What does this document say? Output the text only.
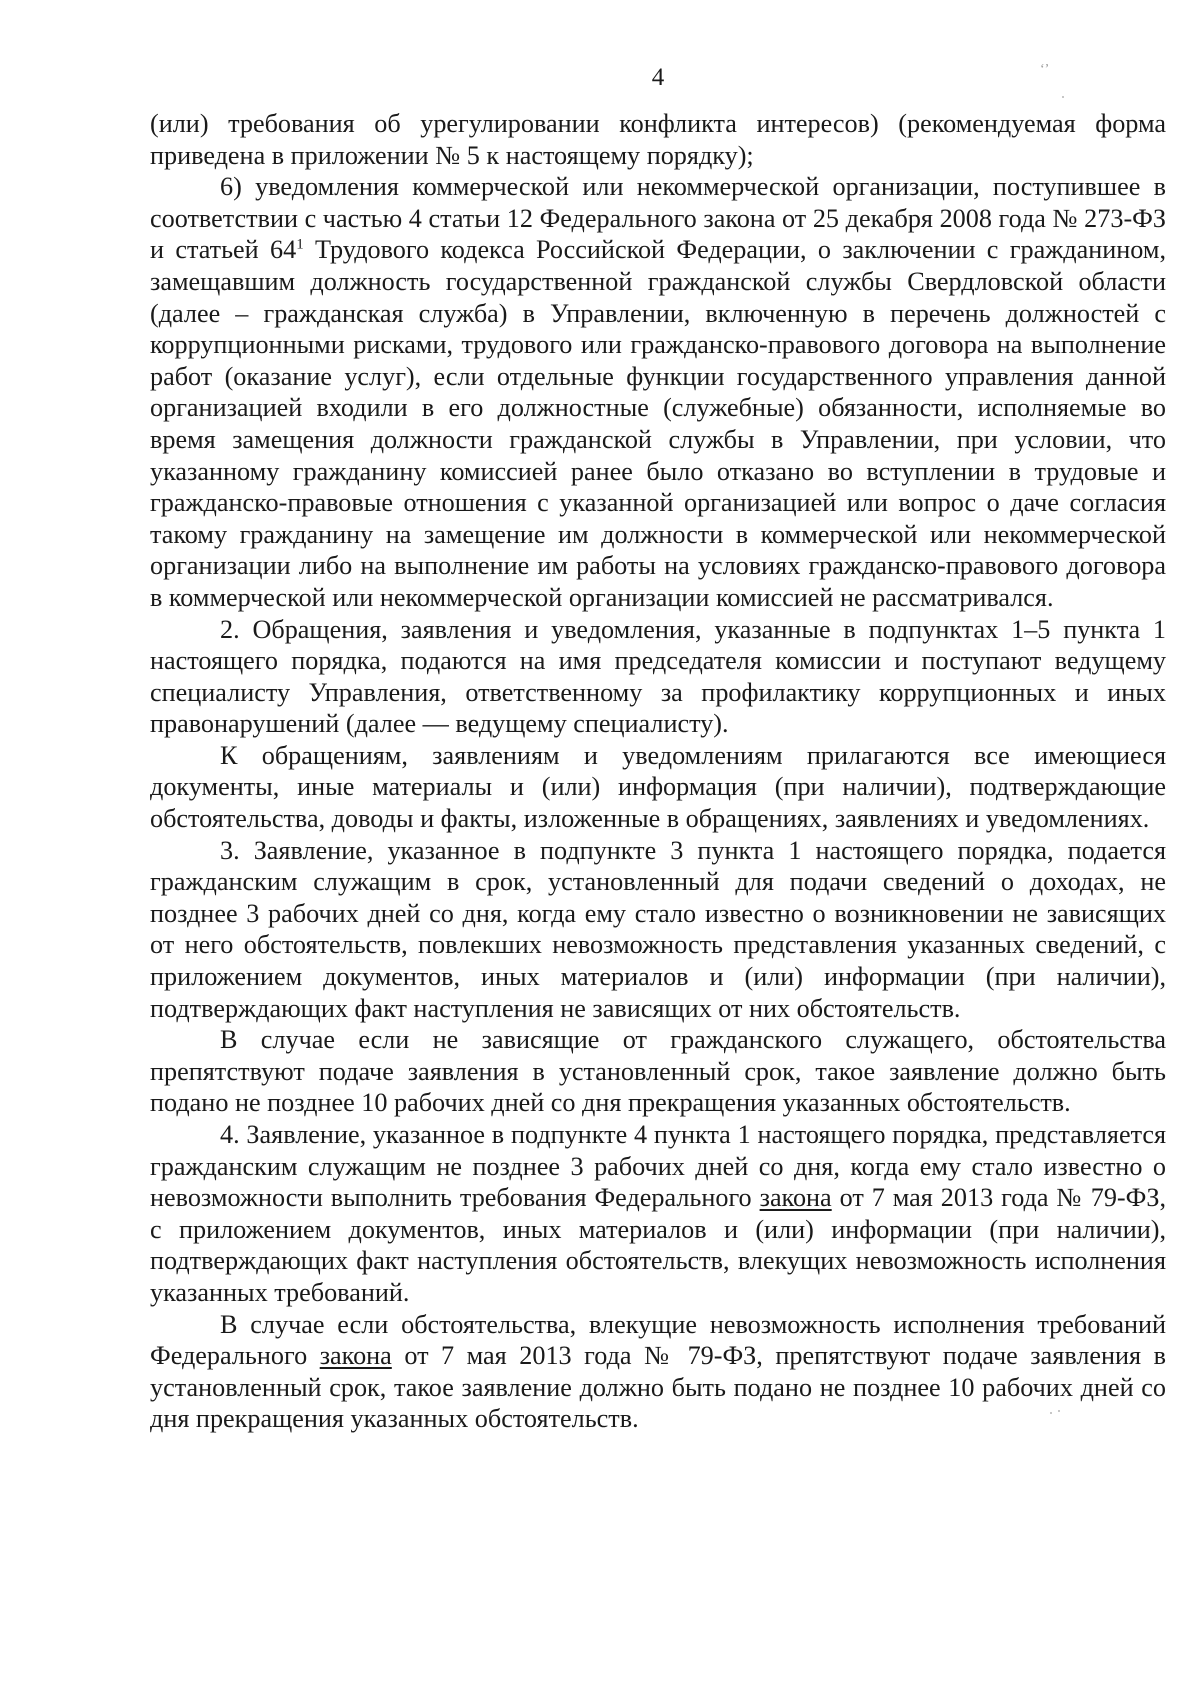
4	‘’

(или) требования об урегулировании конфликта интересов) (рекомендуемая форма приведена в приложении № 5 к настоящему порядку);

6) уведомления коммерческой или некоммерческой организации, поступившее в соответствии с частью 4 статьи 12 Федерального закона от 25 декабря 2008 года № 273-ФЗ и статьей $64^1$ Трудового кодекса Российской Федерации, о заключении с гражданином, замещавшим должность государственной гражданской службы Свердловской области (далее – гражданская служба) в Управлении, включенную в перечень должностей с коррупционными рисками, трудового или гражданско-правового договора на выполнение работ (оказание услуг), если отдельные функции государственного управления данной организацией входили в его должностные (служебные) обязанности, исполняемые во время замещения должности гражданской службы в Управлении, при условии, что указанному гражданину комиссией ранее было отказано во вступлении в трудовые и гражданско-правовые отношения с указанной организацией или вопрос о даче согласия такому гражданину на замещение им должности в коммерческой или некоммерческой организации либо на выполнение им работы на условиях гражданско-правового договора в коммерческой или некоммерческой организации комиссией не рассматривался.

2. Обращения, заявления и уведомления, указанные в подпунктах 1–5 пункта 1 настоящего порядка, подаются на имя председателя комиссии и поступают ведущему специалисту Управления, ответственному за профилактику коррупционных и иных правонарушений (далее — ведущему специалисту).

К обращениям, заявлениям и уведомлениям прилагаются все имеющиеся документы, иные материалы и (или) информация (при наличии), подтверждающие обстоятельства, доводы и факты, изложенные в обращениях, заявлениях и уведомлениях.

3. Заявление, указанное в подпункте 3 пункта 1 настоящего порядка, подается гражданским служащим в срок, установленный для подачи сведений о доходах, не позднее 3 рабочих дней со дня, когда ему стало известно о возникновении не зависящих от него обстоятельств, повлекших невозможность представления указанных сведений, с приложением документов, иных материалов и (или) информации (при наличии), подтверждающих факт наступления не зависящих от них обстоятельств.

В случае если не зависящие от гражданского служащего, обстоятельства препятствуют подаче заявления в установленный срок, такое заявление должно быть подано не позднее 10 рабочих дней со дня прекращения указанных обстоятельств.

4. Заявление, указанное в подпункте 4 пункта 1 настоящего порядка, представляется гражданским служащим не позднее 3 рабочих дней со дня, когда ему стало известно о невозможности выполнить требования Федерального закона от 7 мая 2013 года № 79-ФЗ, с приложением документов, иных материалов и (или) информации (при наличии), подтверждающих факт наступления обстоятельств, влекущих невозможность исполнения указанных требований.

В случае если обстоятельства, влекущие невозможность исполнения требований Федерального закона от 7 мая 2013 года № 79-ФЗ, препятствуют подаче заявления в установленный срок, такое заявление должно быть подано не позднее 10 рабочих дней со дня прекращения указанных обстоятельств.
